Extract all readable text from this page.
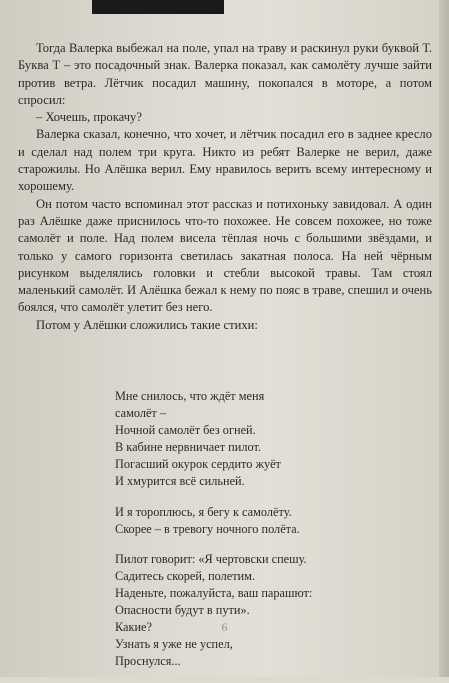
Тогда Валерка выбежал на поле, упал на траву и раскинул руки буквой Т. Буква Т – это посадочный знак. Валерка показал, как самолёту лучше зайти против ветра. Лётчик посадил машину, покопался в моторе, а потом спросил:

– Хочешь, прокачу?

Валерка сказал, конечно, что хочет, и лётчик посадил его в заднее кресло и сделал над полем три круга. Никто из ребят Валерке не верил, даже старожилы. Но Алёшка верил. Ему нравилось верить всему интересному и хорошему.

Он потом часто вспоминал этот рассказ и потихоньку завидовал. А один раз Алёшке даже приснилось что-то похожее. Не совсем похожее, но тоже самолёт и поле. Над полем висела тёплая ночь с большими звёздами, и только у самого горизонта светилась закатная полоса. На ней чёрным рисунком выделялись головки и стебли высокой травы. Там стоял маленький самолёт. И Алёшка бежал к нему по пояс в траве, спешил и очень боялся, что самолёт улетит без него.

Потом у Алёшки сложились такие стихи:

Мне снилось, что ждёт меня
самолёт –
Ночной самолёт без огней.
В кабине нервничает пилот.
Погасший окурок сердито жуёт
И хмурится всё сильней.
И я тороплюсь, я бегу к самолёту.
Скорее – в тревогу ночного полёта.
Пилот говорит: «Я чертовски спешу.
Садитесь скорей, полетим.
Наденьте, пожалуйста, ваш парашют:
Опасности будут в пути».
Какие?
Узнать я уже не успел,
Проснулся...
6
